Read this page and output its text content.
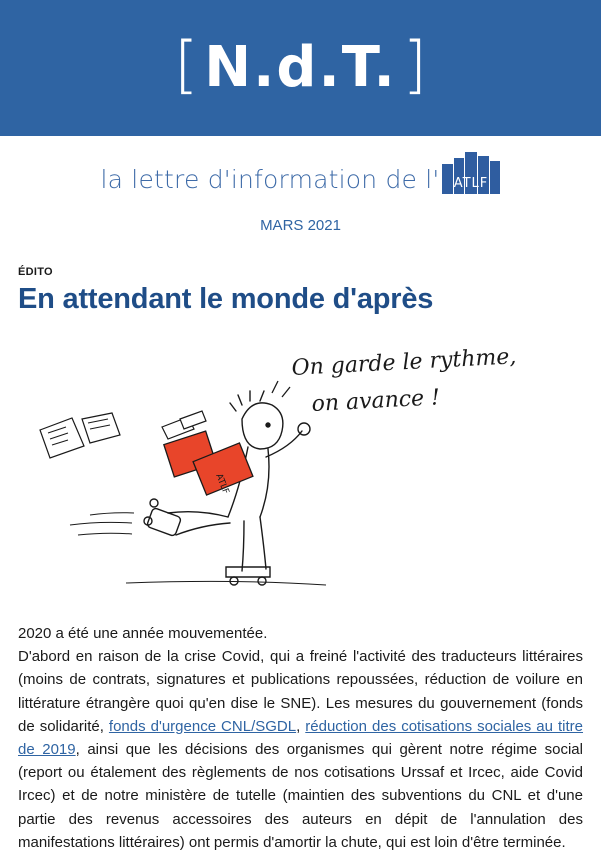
[ N.d.T. ]
la lettre d'information de l'	ATLF
MARS 2021
ÉDITO
En attendant le monde d'après
On garde le rythme,
on avance !
ATLF

2020 a été une année mouvementée.

D'abord en raison de la crise Covid, qui a freiné l'activité des traducteurs littéraires (moins de contrats, signatures et publications repoussées, réduction de voilure en littérature étrangère quoi qu'en dise le SNE). Les mesures du gouvernement (fonds de solidarité, fonds d'urgence CNL/SGDL, réduction des cotisations sociales au titre de 2019, ainsi que les décisions des organismes qui gèrent notre régime social (report ou étalement des règlements de nos cotisations Urssaf et Ircec, aide Covid Ircec) et de notre ministère de tutelle (maintien des subventions du CNL et d'une partie des revenus accessoires des auteurs en dépit de l'annulation des manifestations littéraires) ont permis d'amortir la chute, qui est loin d'être terminée.
